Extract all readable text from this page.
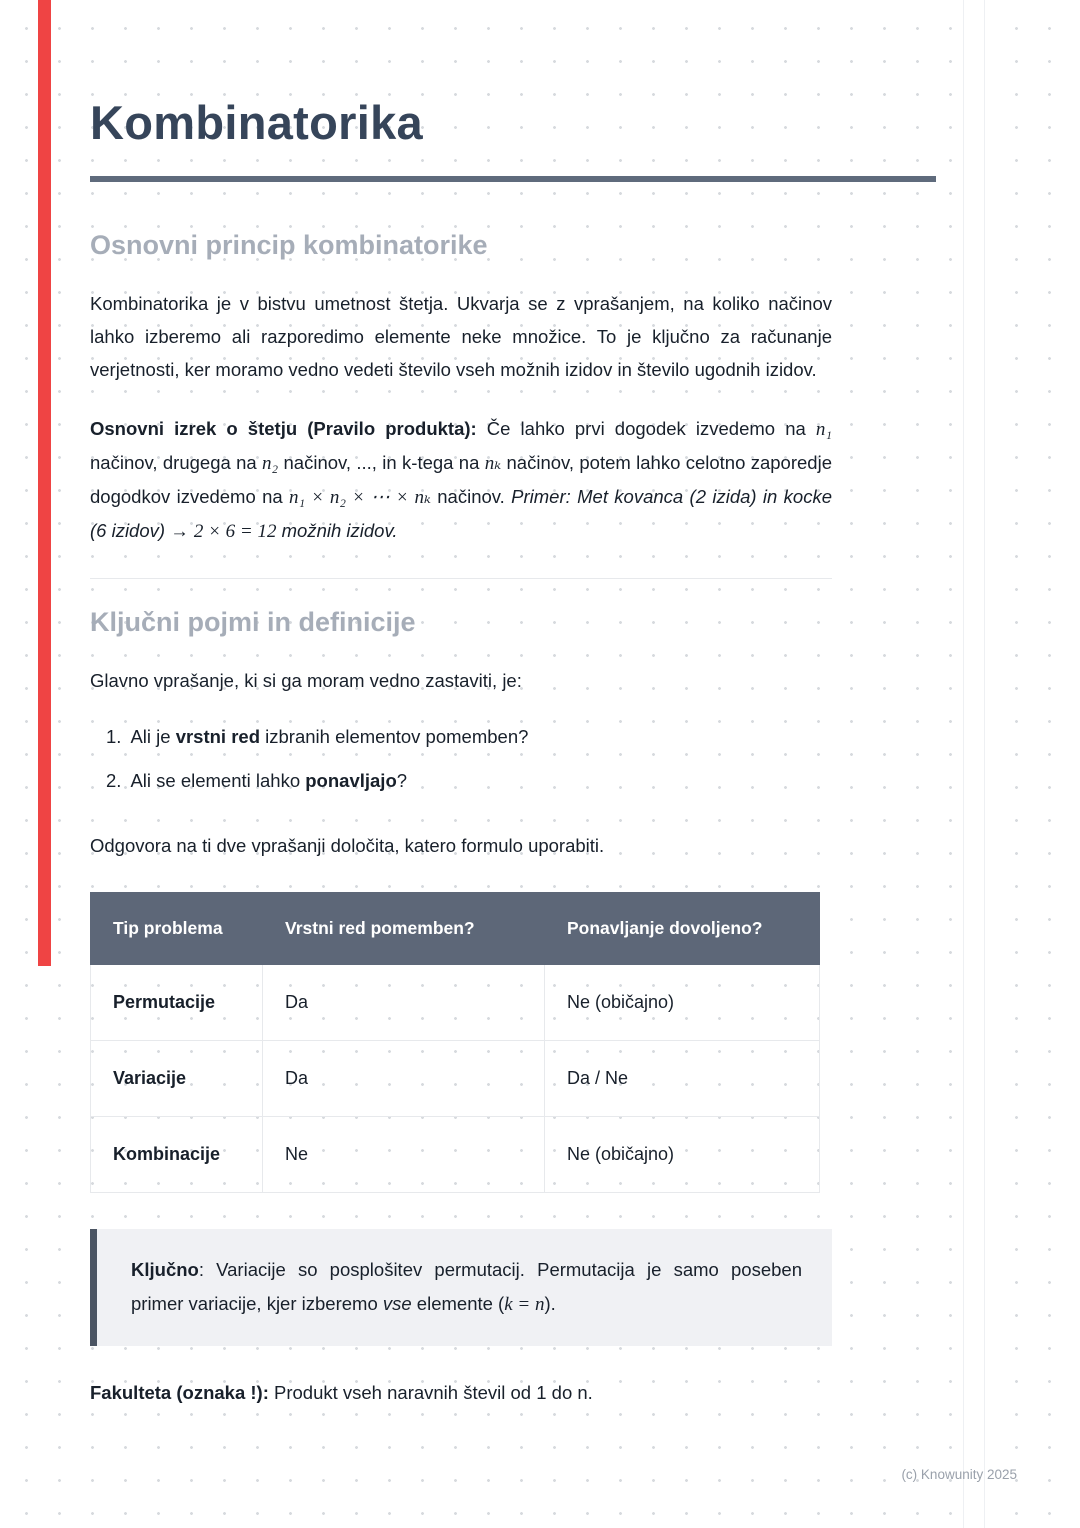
Kombinatorika
Osnovni princip kombinatorike

Kombinatorika je v bistvu umetnost štetja. Ukvarja se z vprašanjem, na koliko načinov lahko izberemo ali razporedimo elemente neke množice. To je ključno za računanje verjetnosti, ker moramo vedno vedeti število vseh možnih izidov in število ugodnih izidov.

Osnovni izrek o štetju (Pravilo produkta): Če lahko prvi dogodek izvedemo na n₁ načinov, drugega na n₂ načinov, ..., in k-tega na nₖ načinov, potem lahko celotno zaporedje dogodkov izvedemo na n₁ × n₂ × ⋯ × nₖ načinov. Primer: Met kovanca (2 izida) in kocke (6 izidov) → 2 × 6 = 12 možnih izidov.

Ključni pojmi in definicije

Glavno vprašanje, ki si ga moram vedno zastaviti, je:

1. Ali je vrstni red izbranih elementov pomemben?
2. Ali se elementi lahko ponavljajo?

Odgovora na ti dve vprašanji določita, katero formulo uporabiti.

Tip problema	Vrstni red pomemben?	Ponavljanje dovoljeno?
Permutacije	Da	Ne (običajno)
Variacije	Da	Da / Ne
Kombinacije	Ne	Ne (običajno)
Ključno: Variacije so posplošitev permutacij. Permutacija je samo poseben primer variacije, kjer izberemo vse elemente (k = n).

Fakulteta (oznaka !): Produkt vseh naravnih števil od 1 do n.

(c) Knowunity 2025
